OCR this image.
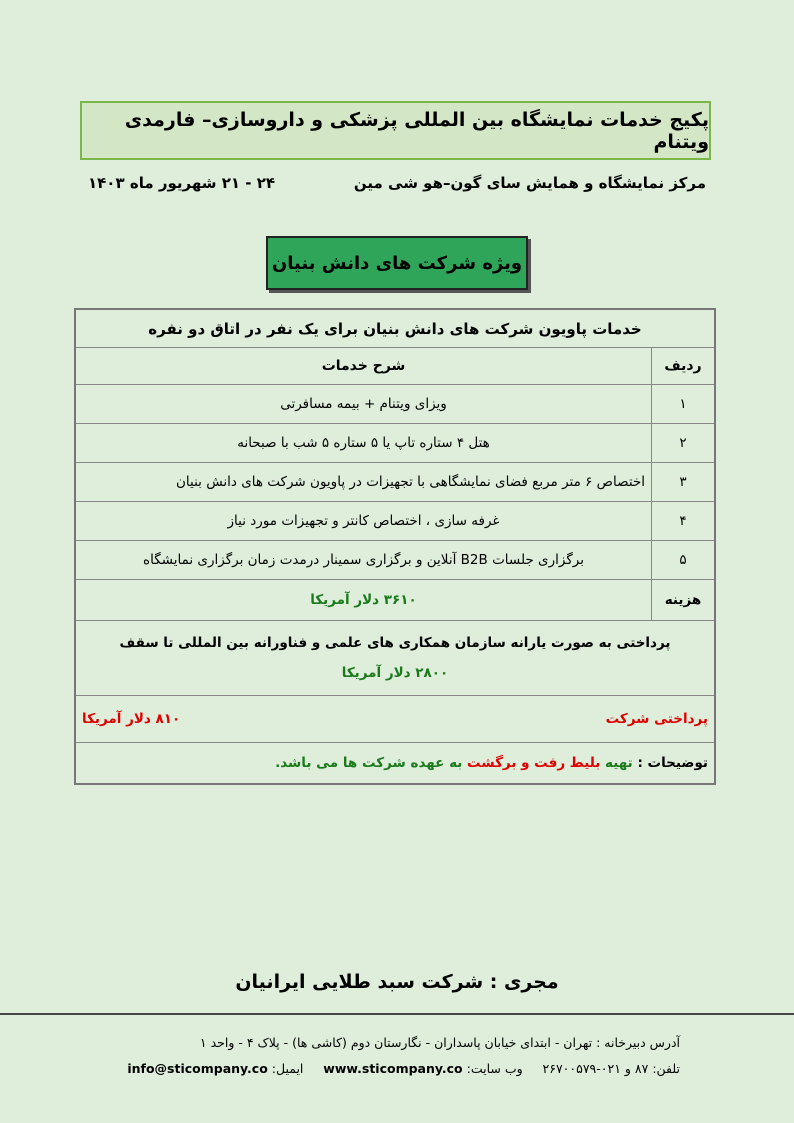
پکیج خدمات نمایشگاه بین المللی پزشکی و داروسازی– فارمدی ویتنام
مرکز نمایشگاه و همایش سای گون–هو شی مین
۲۴ - ۲۱ شهریور ماه ۱۴۰۳
ویژه شرکت های دانش بنیان
خدمات پاویون شرکت های دانش بنیان برای یک نفر در اتاق دو نفره	
ردیف	شرح خدمات
۱	ویزای ویتنام + بیمه مسافرتی
۲	هتل ۴ ستاره تاپ یا ۵ ستاره ۵ شب با صبحانه
۳	اختصاص ۶ متر مربع فضای نمایشگاهی با تجهیزات در پاویون شرکت های دانش بنیان
۴	غرفه سازی ، اختصاص کانتر و تجهیزات مورد نیاز
۵	برگزاری جلسات B2B آنلاین و برگزاری سمینار درمدت زمان برگزاری نمایشگاه
هزینه	۳۶۱۰ دلار آمریکا

پرداختی به صورت یارانه سازمان همکاری های علمی و فناورانه بین المللی تا سقف
۲۸۰۰ دلار آمریکا	

پرداختی شرکت
۸۱۰ دلار آمریکا	

توضیحات : تهیه بلیط رفت و برگشت به عهده شرکت ها می باشد.	
مجری : شرکت سبد طلایی ایرانیان
آدرس دبیرخانه : تهران - ابتدای خیابان پاسداران - نگارستان دوم (کاشی ها) - پلاک ۴ - واحد ۱
تلفن: ۸۷ و ۰۲۱-۲۶۷۰۰۵۷۹     وب سایت: www.sticompany.co     ایمیل: info@sticompany.co
